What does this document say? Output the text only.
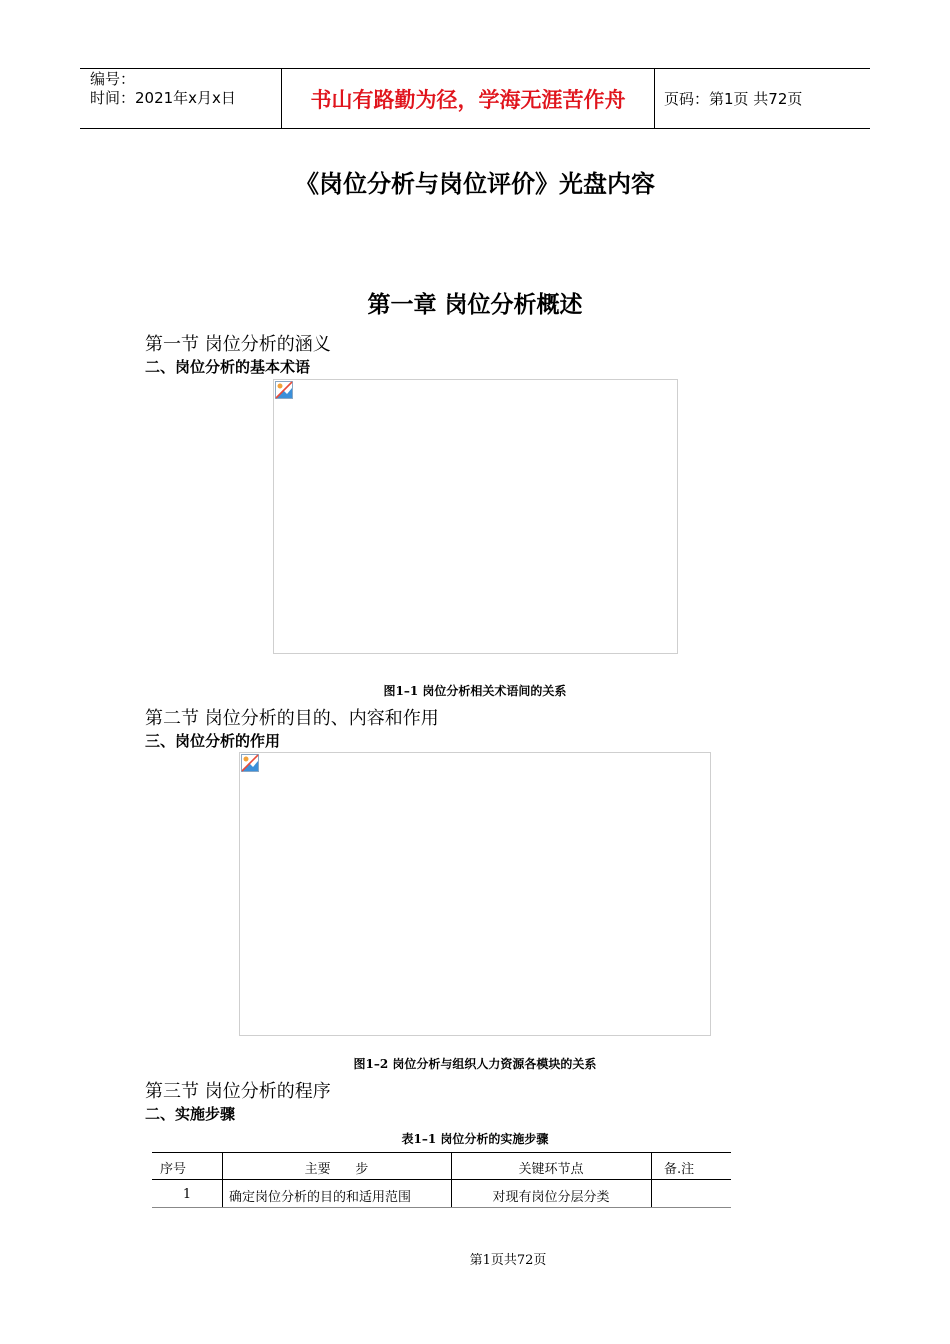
编号：
时间：2021年x月x日	书山有路勤为径，学海无涯苦作舟	页码：第1页 共72页
《岗位分析与岗位评价》光盘内容
第一章 岗位分析概述
第一节 岗位分析的涵义
二、岗位分析的基本术语
图1–1 岗位分析相关术语间的关系
第二节 岗位分析的目的、内容和作用
三、岗位分析的作用
图1–2 岗位分析与组织人力资源各模块的关系
第三节 岗位分析的程序
二、实施步骤
表1–1 岗位分析的实施步骤
序号	主要      步	关键环节点	备.注
1	确定岗位分析的目的和适用范围	对现有岗位分层分类
第1页共72页
